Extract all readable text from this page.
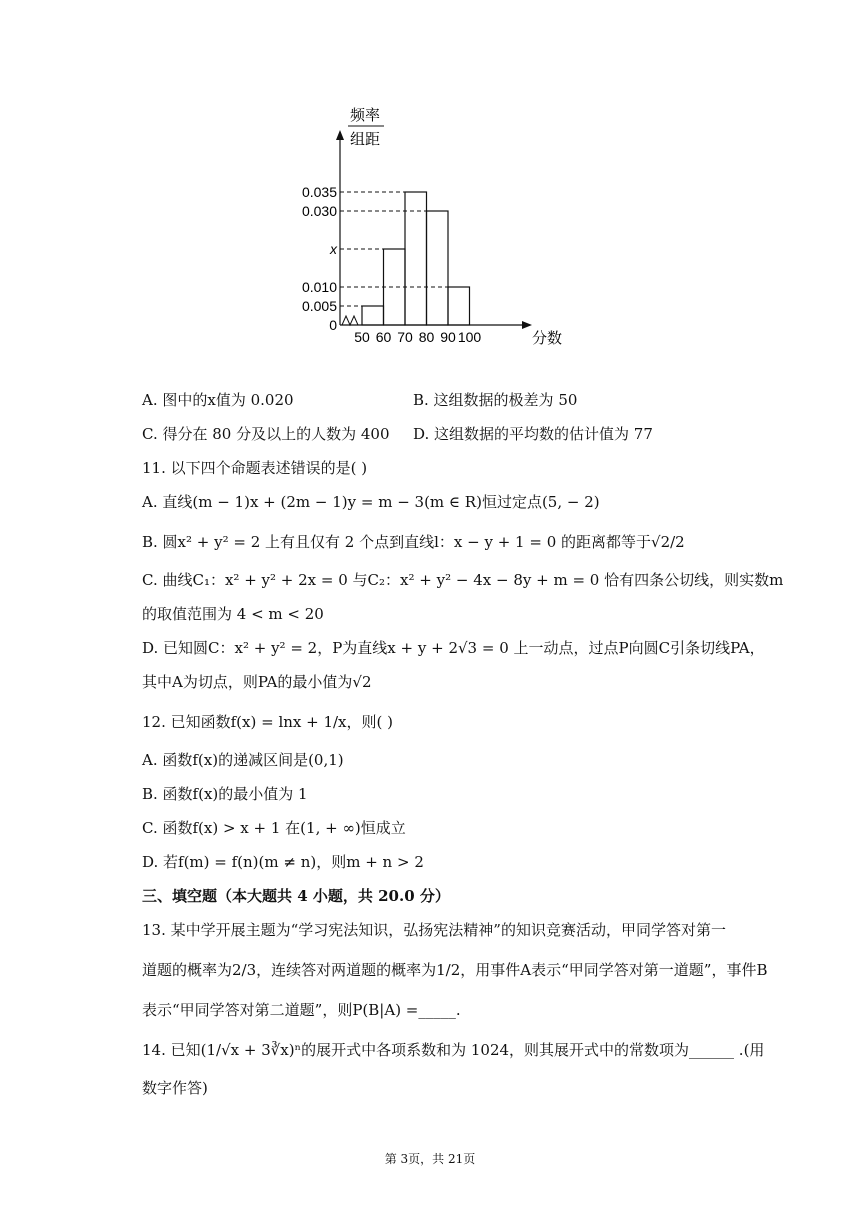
频率
组距
0.035
0.030
x
0.010
0.005
0
50 60 70 80 90 100	分数
A. 图中的x值为 0.020	B. 这组数据的极差为 50
C. 得分在 80 分及以上的人数为 400 D. 这组数据的平均数的估计值为 77
11. 以下四个命题表述错误的是( )
A. 直线(m − 1)x + (2m − 1)y = m − 3(m ∈ R)恒过定点(5, − 2)
B. 圆x² + y² = 2 上有且仅有 2 个点到直线l：x − y + 1 = 0 的距离都等于√2/2
C. 曲线C₁：x² + y² + 2x = 0 与C₂：x² + y² − 4x − 8y + m = 0 恰有四条公切线，则实数m
的取值范围为 4 < m < 20
D. 已知圆C：x² + y² = 2，P为直线x + y + 2√3 = 0 上一动点，过点P向圆C引条切线PA，
其中A为切点，则PA的最小值为√2
12. 已知函数f(x) = lnx + 1/x，则( )
A. 函数f(x)的递减区间是(0,1)
B. 函数f(x)的最小值为 1
C. 函数f(x) > x + 1 在(1, + ∞)恒成立
D. 若f(m) = f(n)(m ≠ n)，则m + n > 2
三、填空题（本大题共 4 小题，共 20.0 分）
13. 某中学开展主题为“学习宪法知识，弘扬宪法精神”的知识竞赛活动，甲同学答对第一
道题的概率为2/3，连续答对两道题的概率为1/2，用事件A表示“甲同学答对第一道题”，事件B
表示“甲同学答对第二道题”，则P(B|A) =_____.
14. 已知(1/√x + 3∛x)ⁿ的展开式中各项系数和为 1024，则其展开式中的常数项为______ .(用
数字作答)
第 3页，共 21页
